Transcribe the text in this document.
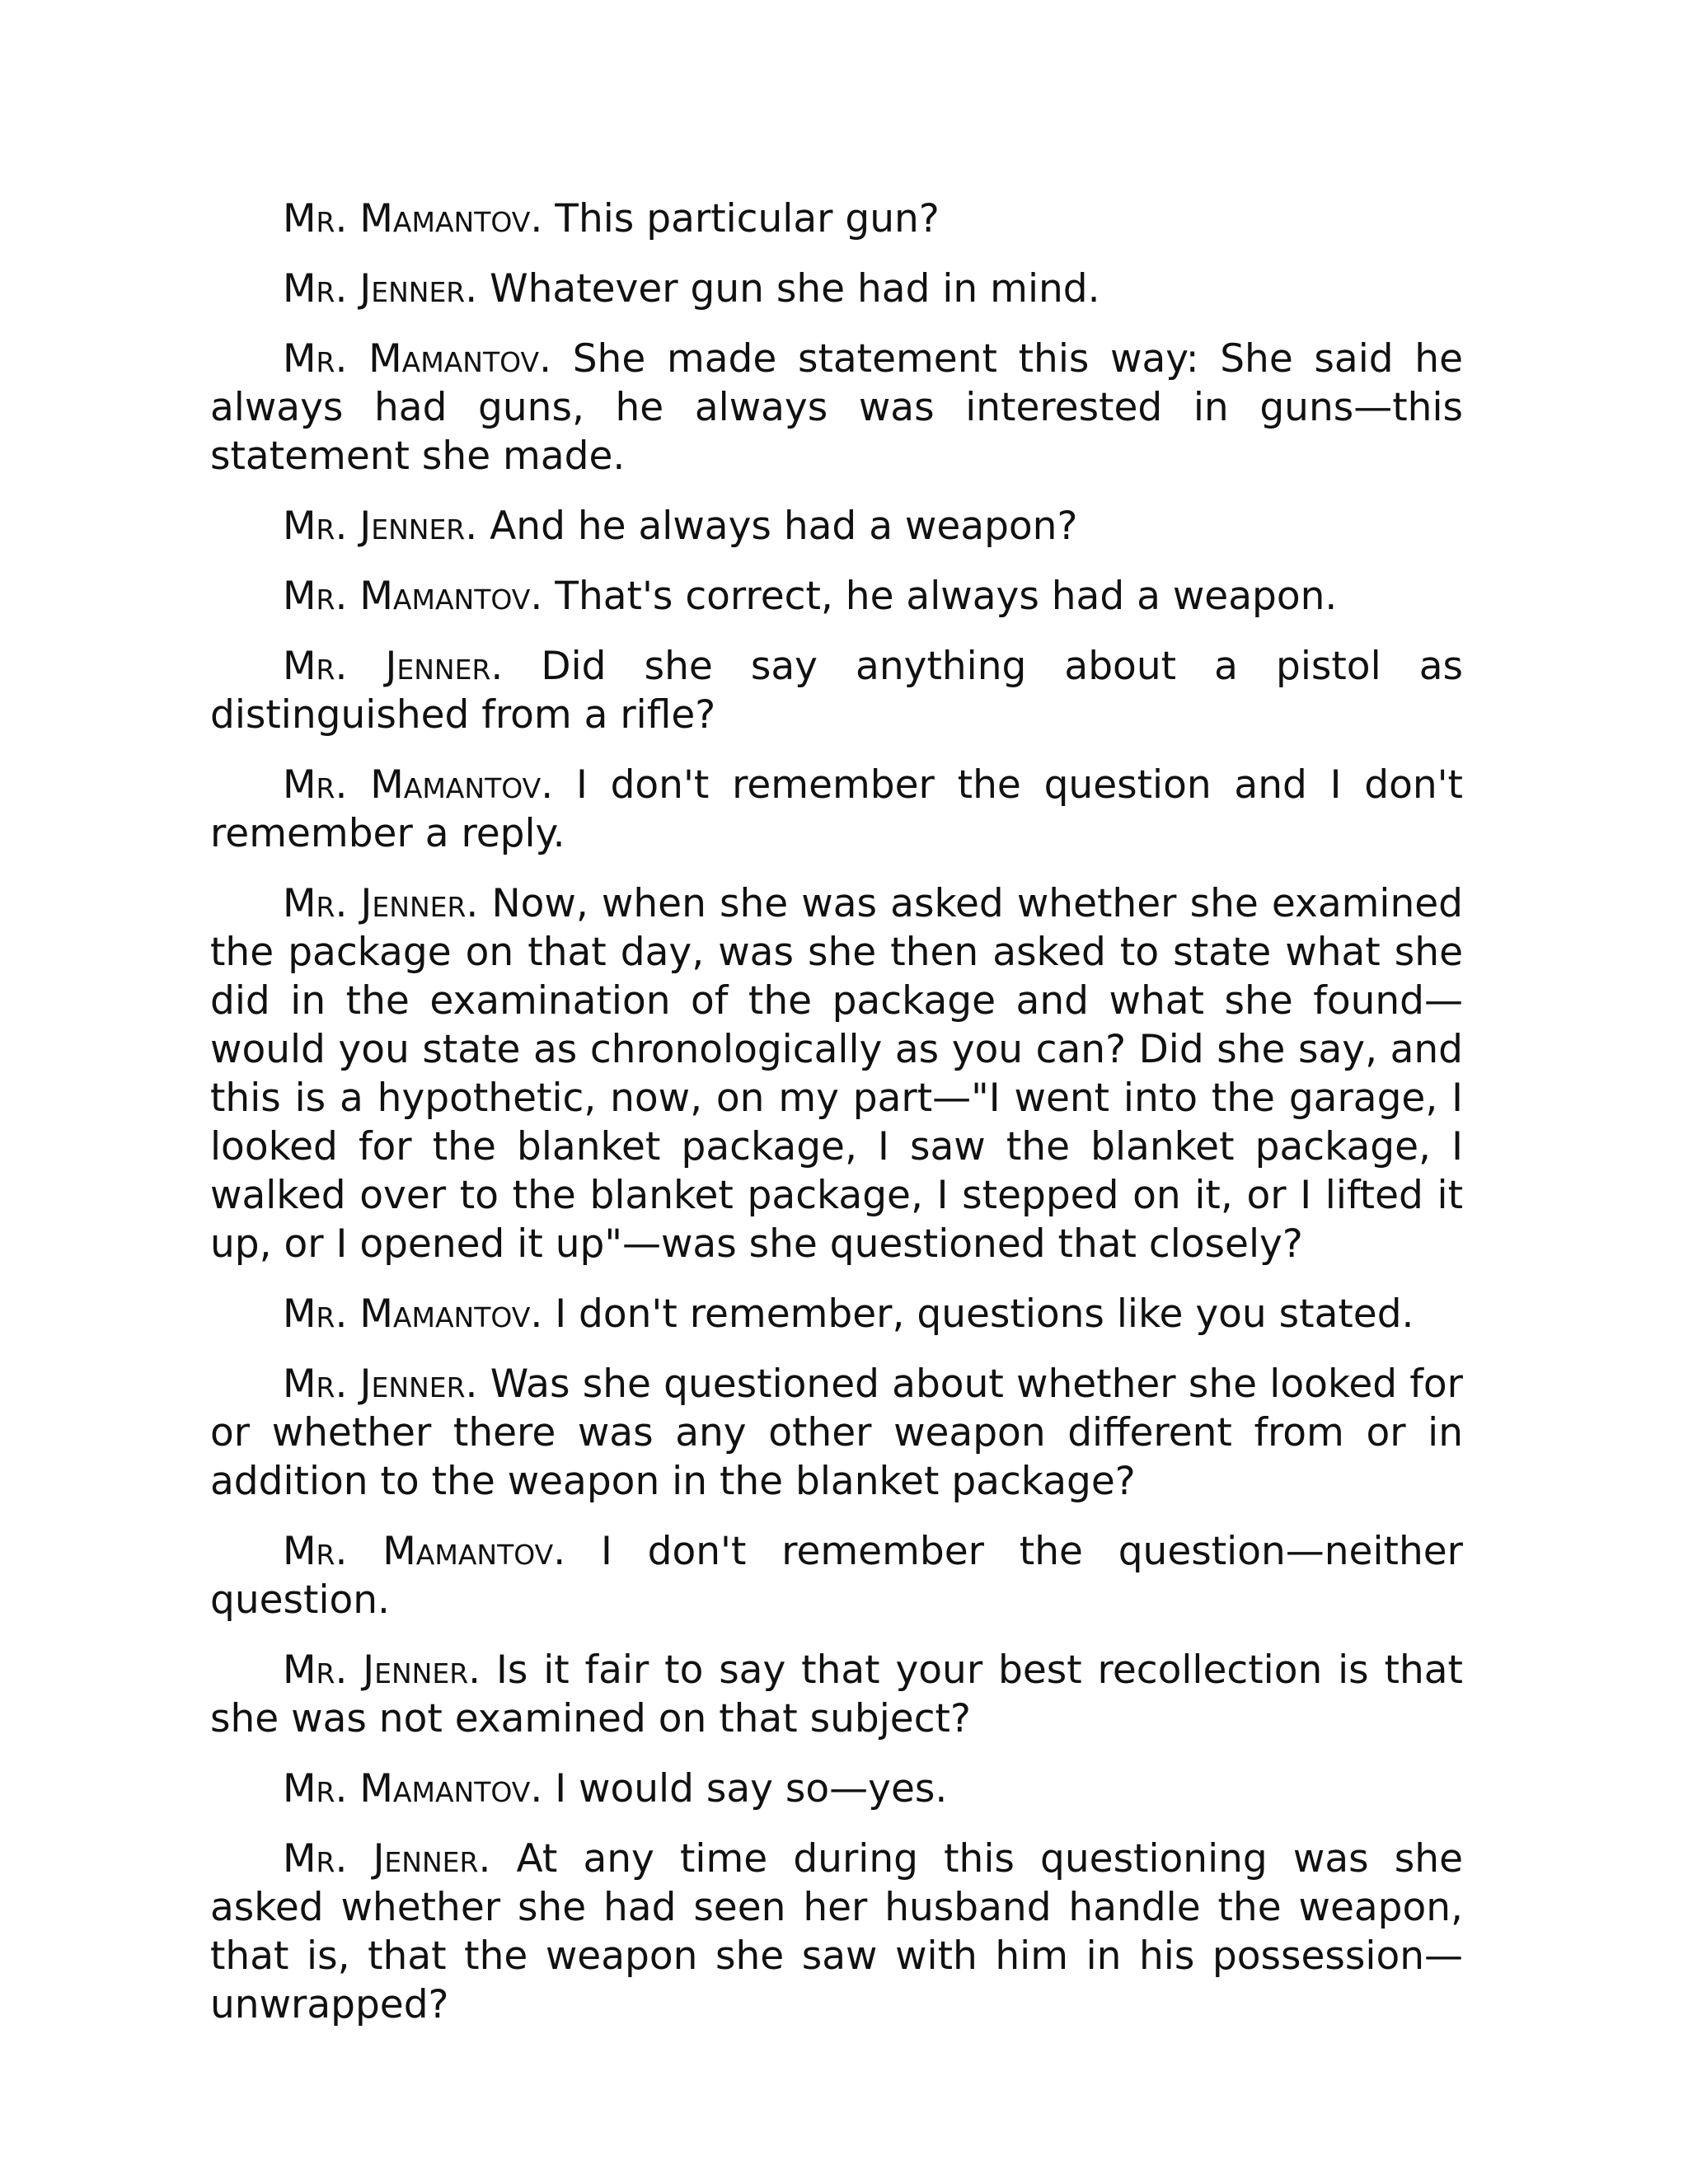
Mr. Mamantov. This particular gun?

Mr. Jenner. Whatever gun she had in mind.

Mr. Mamantov. She made statement this way: She said he always had guns, he always was interested in guns—this statement she made.

Mr. Jenner. And he always had a weapon?

Mr. Mamantov. That's correct, he always had a weapon.

Mr. Jenner. Did she say anything about a pistol as distinguished from a rifle?

Mr. Mamantov. I don't remember the question and I don't remember a reply.

Mr. Jenner. Now, when she was asked whether she examined the package on that day, was she then asked to state what she did in the examination of the package and what she found—would you state as chronologically as you can? Did she say, and this is a hypothetic, now, on my part—"I went into the garage, I looked for the blanket package, I saw the blanket package, I walked over to the blanket package, I stepped on it, or I lifted it up, or I opened it up"—was she questioned that closely?

Mr. Mamantov. I don't remember, questions like you stated.

Mr. Jenner. Was she questioned about whether she looked for or whether there was any other weapon different from or in addition to the weapon in the blanket package?

Mr. Mamantov. I don't remember the question—neither question.

Mr. Jenner. Is it fair to say that your best recollection is that she was not examined on that subject?

Mr. Mamantov. I would say so—yes.

Mr. Jenner. At any time during this questioning was she asked whether she had seen her husband handle the weapon, that is, that the weapon she saw with him in his possession—unwrapped?
